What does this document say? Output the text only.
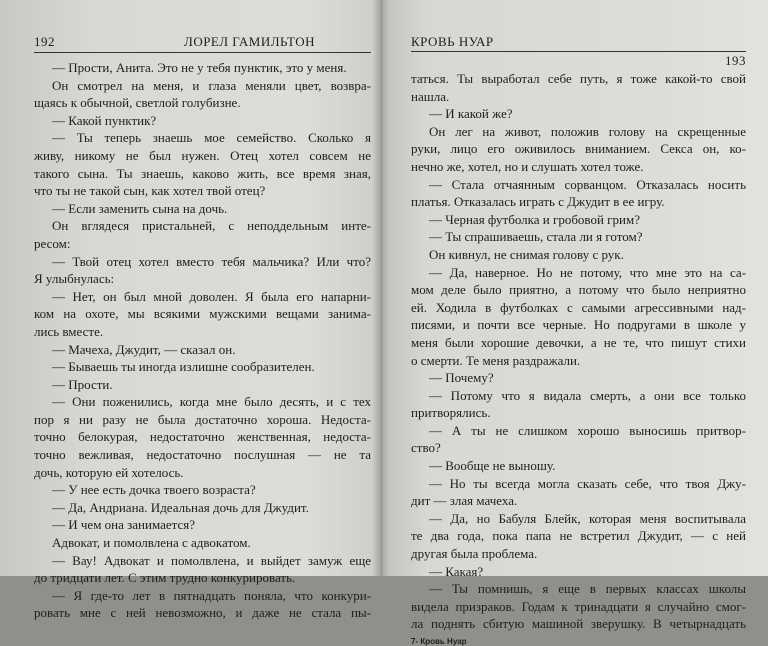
192	ЛОРЕЛ ГАМИЛЬТОН
— Прости, Анита. Это не у тебя пунктик, это у меня.
Он смотрел на меня, и глаза меняли цвет, возвра-
щаясь к обычной, светлой голубизне.
— Какой пунктик?
— Ты теперь знаешь мое семейство. Сколько я
живу, никому не был нужен. Отец хотел совсем не
такого сына. Ты знаешь, каково жить, все время зная,
что ты не такой сын, как хотел твой отец?
— Если заменить сына на дочь.
Он вглядеся пристальней, с неподдельным инте-
ресом:
— Твой отец хотел вместо тебя мальчика? Или что?
Я улыбнулась:
— Нет, он был мной доволен. Я была его напарни-
ком на охоте, мы всякими мужскими вещами занима-
лись вместе.
— Мачеха, Джудит, — сказал он.
— Бываешь ты иногда излишне сообразителен.
— Прости.
— Они поженились, когда мне было десять, и с тех
пор я ни разу не была достаточно хороша. Недоста-
точно белокурая, недостаточно женственная, недоста-
точно вежливая, недостаточно послушная — не та
дочь, которую ей хотелось.
— У нее есть дочка твоего возраста?
— Да, Андриана. Идеальная дочь для Джудит.
— И чем она занимается?
Адвокат, и помолвлена с адвокатом.
— Вау! Адвокат и помолвлена, и выйдет замуж еще
до тридцати лет. С этим трудно конкурировать.
— Я где-то лет в пятнадцать поняла, что конкури-
ровать мне с ней невозможно, и даже не стала пы-
КРОВЬ НУАР
193
таться. Ты выработал себе путь, я тоже какой-то свой
нашла.
— И какой же?
Он лег на живот, положив голову на скрещенные
руки, лицо его оживилось вниманием. Секса он, ко-
нечно же, хотел, но и слушать хотел тоже.
— Стала отчаянным сорванцом. Отказалась носить
платья. Отказалась играть с Джудит в ее игру.
— Черная футболка и гробовой грим?
— Ты спрашиваешь, стала ли я готом?
Он кивнул, не снимая голову с рук.
— Да, наверное. Но не потому, что мне это на са-
мом деле было приятно, а потому что было неприятно
ей. Ходила в футболках с самыми агрессивными над-
писями, и почти все черные. Но подругами в школе у
меня были хорошие девочки, а не те, что пишут стихи
о смерти. Те меня раздражали.
— Почему?
— Потому что я видала смерть, а они все только
притворялись.
— А ты не слишком хорошо выносишь притвор-
ство?
— Вообще не выношу.
— Но ты всегда могла сказать себе, что твоя Джу-
дит — злая мачеха.
— Да, но Бабуля Блейк, которая меня воспитывала
те два года, пока папа не встретил Джудит, — с ней
другая была проблема.
— Какая?
— Ты помнишь, я еще в первых классах школы
видела призраков. Годам к тринадцати я случайно смог-
ла поднять сбитую машиной зверушку. В четырнадцать
7- Кровь Нуар
